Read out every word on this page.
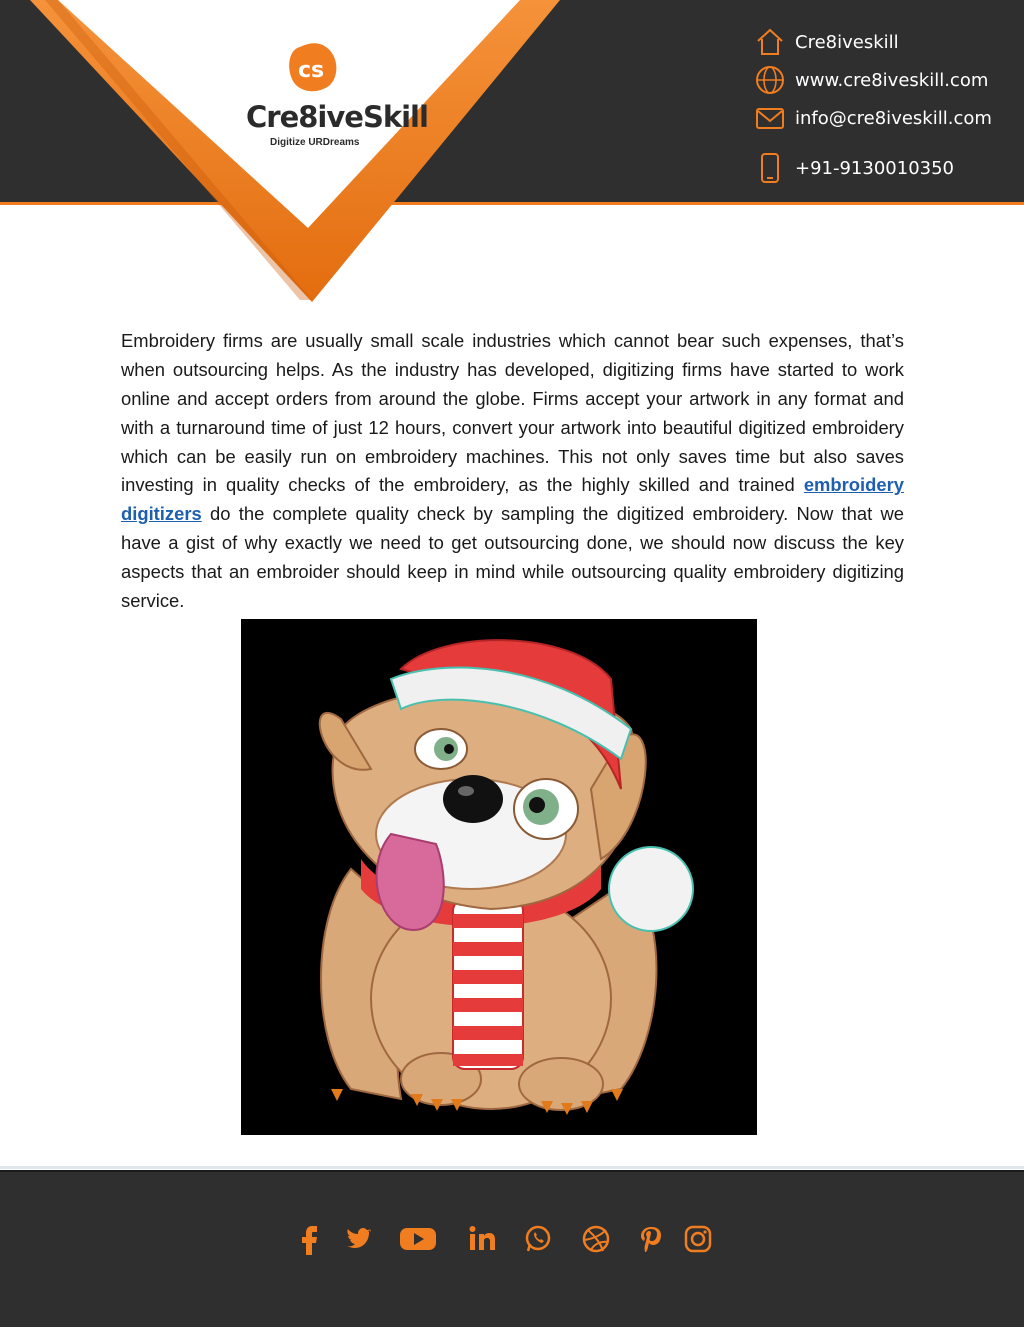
cs
Cre8iveSkill
Digitize URDreams
Cre8iveskill
www.cre8iveskill.com
info@cre8iveskill.com
+91-9130010350

Embroidery firms are usually small scale industries which cannot bear such expenses, that’s when outsourcing helps. As the industry has developed, digitizing firms have started to work online and accept orders from around the globe. Firms accept your artwork in any format and with a turnaround time of just 12 hours, convert your artwork into beautiful digitized embroidery which can be easily run on embroidery machines. This not only saves time but also saves investing in quality checks of the embroidery, as the highly skilled and trained embroidery digitizers do the complete quality check by sampling the digitized embroidery. Now that we have a gist of why exactly we need to get outsourcing done, we should now discuss the key aspects that an embroider should keep in mind while outsourcing quality embroidery digitizing service.
